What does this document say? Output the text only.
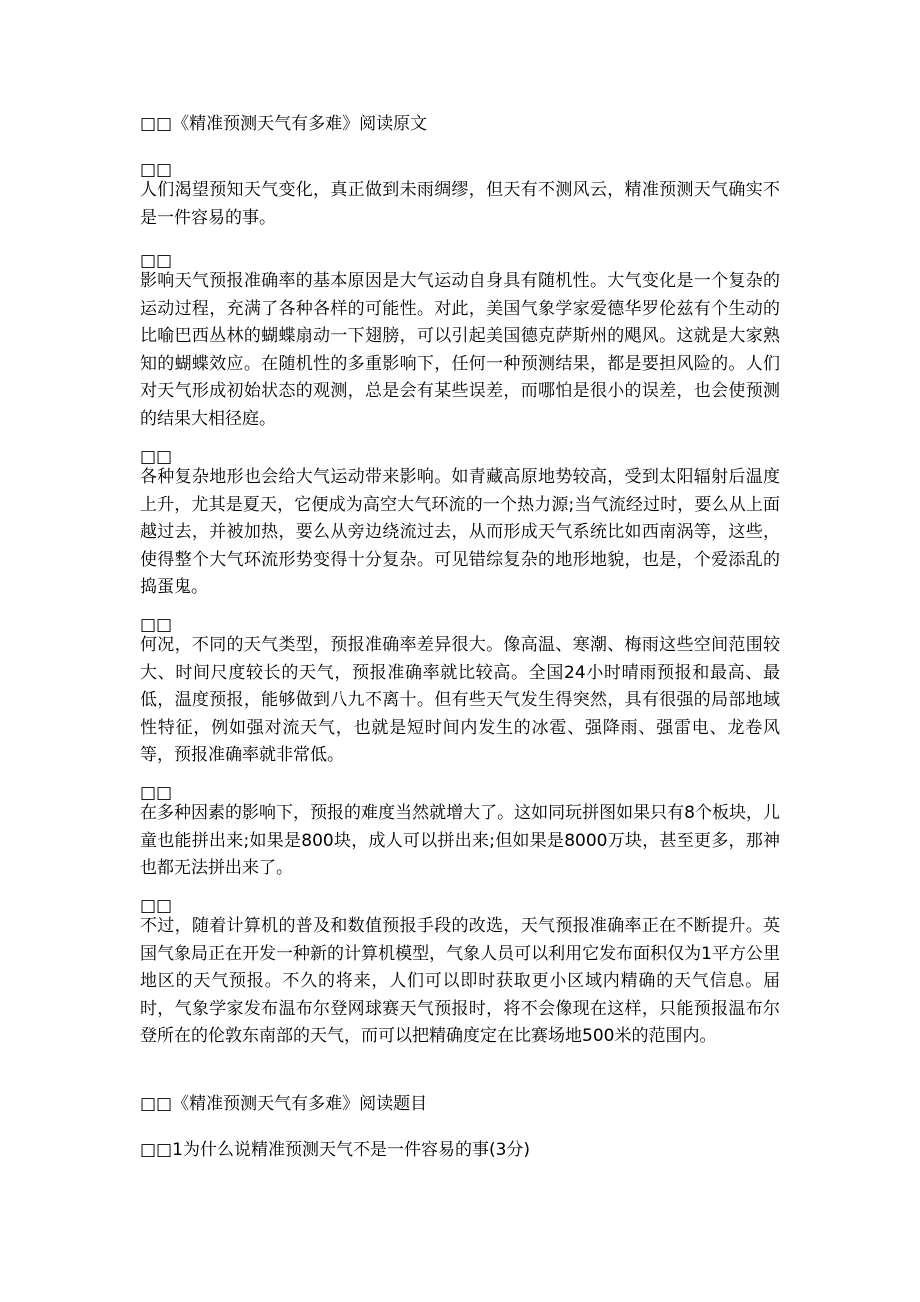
□□《精准预测天气有多难》阅读原文
□□
人们渴望预知天气变化，真正做到未雨绸缪，但天有不测风云，精准预测天气确实不是一件容易的事。
□□
影响天气预报准确率的基本原因是大气运动自身具有随机性。大气变化是一个复杂的运动过程，充满了各种各样的可能性。对此，美国气象学家爱德华罗伦兹有个生动的比喻巴西丛林的蝴蝶扇动一下翅膀，可以引起美国德克萨斯州的飓风。这就是大家熟知的蝴蝶效应。在随机性的多重影响下，任何一种预测结果，都是要担风险的。人们对天气形成初始状态的观测，总是会有某些误差，而哪怕是很小的误差，也会使预测的结果大相径庭。
□□
各种复杂地形也会给大气运动带来影响。如青藏高原地势较高，受到太阳辐射后温度上升，尤其是夏天，它便成为高空大气环流的一个热力源;当气流经过时，要么从上面越过去，并被加热，要么从旁边绕流过去，从而形成天气系统比如西南涡等，这些，使得整个大气环流形势变得十分复杂。可见错综复杂的地形地貌，也是，个爱添乱的捣蛋鬼。
□□
何况，不同的天气类型，预报准确率差异很大。像高温、寒潮、梅雨这些空间范围较大、时间尺度较长的天气，预报准确率就比较高。全国24小时晴雨预报和最高、最低，温度预报，能够做到八九不离十。但有些天气发生得突然，具有很强的局部地域性特征，例如强对流天气，也就是短时间内发生的冰雹、强降雨、强雷电、龙卷风等，预报准确率就非常低。
□□
在多种因素的影响下，预报的难度当然就增大了。这如同玩拼图如果只有8个板块，儿童也能拼出来;如果是800块，成人可以拼出来;但如果是8000万块，甚至更多，那神也都无法拼出来了。
□□
不过，随着计算机的普及和数值预报手段的改选，天气预报准确率正在不断提升。英国气象局正在开发一种新的计算机模型，气象人员可以利用它发布面积仅为1平方公里地区的天气预报。不久的将来，人们可以即时获取更小区域内精确的天气信息。届时，气象学家发布温布尔登网球赛天气预报时，将不会像现在这样，只能预报温布尔登所在的伦敦东南部的天气，而可以把精确度定在比赛场地500米的范围内。
□□《精准预测天气有多难》阅读题目
□□1为什么说精准预测天气不是一件容易的事(3分)
